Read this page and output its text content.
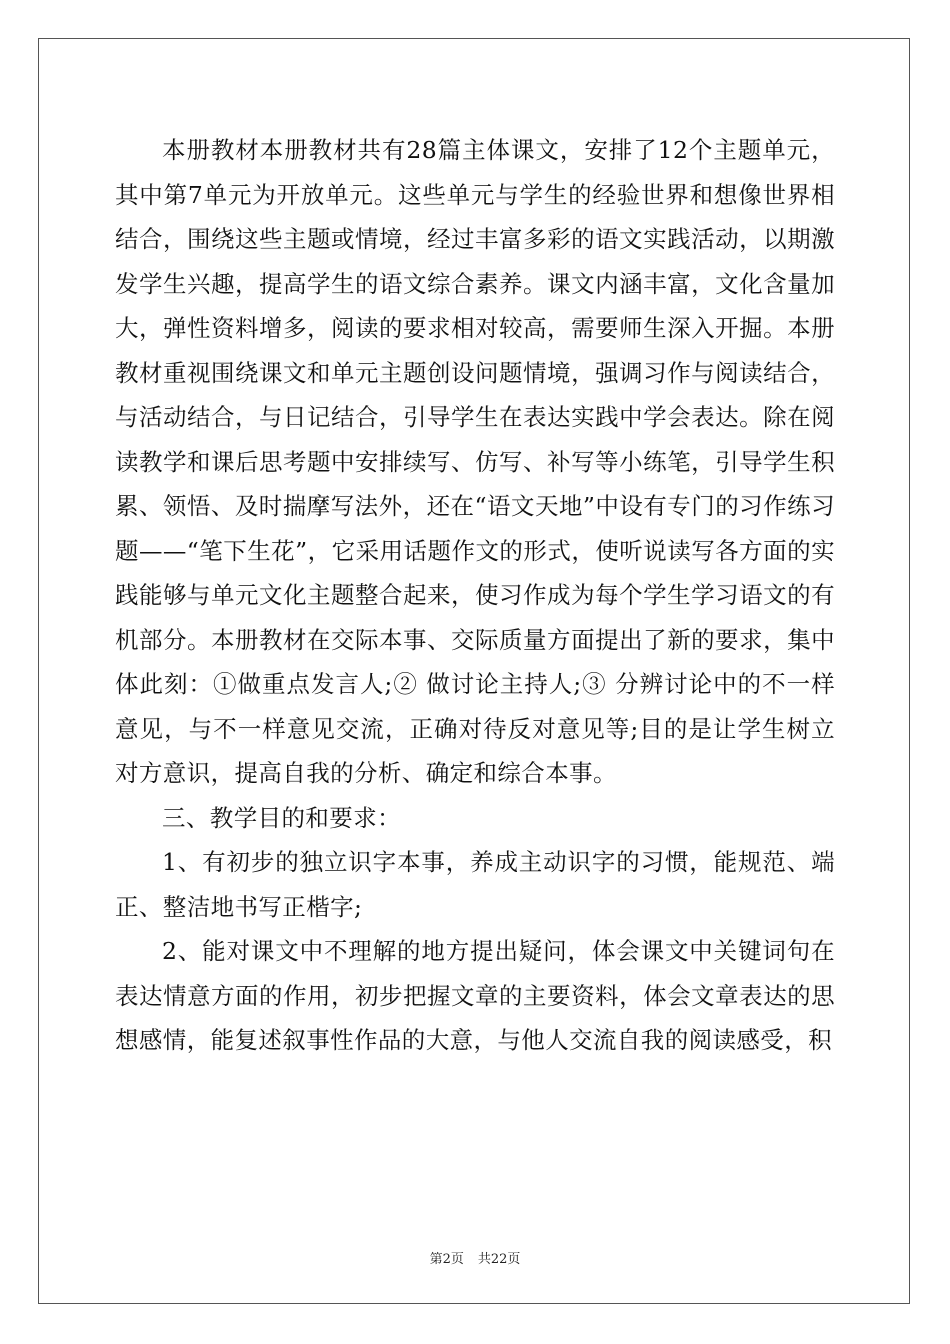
本册教材本册教材共有28篇主体课文，安排了12个主题单元，其中第7单元为开放单元。这些单元与学生的经验世界和想像世界相结合，围绕这些主题或情境，经过丰富多彩的语文实践活动，以期激发学生兴趣，提高学生的语文综合素养。课文内涵丰富，文化含量加大，弹性资料增多，阅读的要求相对较高，需要师生深入开掘。本册教材重视围绕课文和单元主题创设问题情境，强调习作与阅读结合，与活动结合，与日记结合，引导学生在表达实践中学会表达。除在阅读教学和课后思考题中安排续写、仿写、补写等小练笔，引导学生积累、领悟、及时揣摩写法外，还在“语文天地”中设有专门的习作练习题——“笔下生花”，它采用话题作文的形式，使听说读写各方面的实践能够与单元文化主题整合起来，使习作成为每个学生学习语文的有机部分。本册教材在交际本事、交际质量方面提出了新的要求，集中体此刻：①做重点发言人;② 做讨论主持人;③ 分辨讨论中的不一样意见，与不一样意见交流，正确对待反对意见等;目的是让学生树立对方意识，提高自我的分析、确定和综合本事。

三、教学目的和要求：

1、有初步的独立识字本事，养成主动识字的习惯，能规范、端正、整洁地书写正楷字;

2、能对课文中不理解的地方提出疑问，体会课文中关键词句在表达情意方面的作用，初步把握文章的主要资料，体会文章表达的思想感情，能复述叙事性作品的大意，与他人交流自我的阅读感受，积

第2页 共22页
